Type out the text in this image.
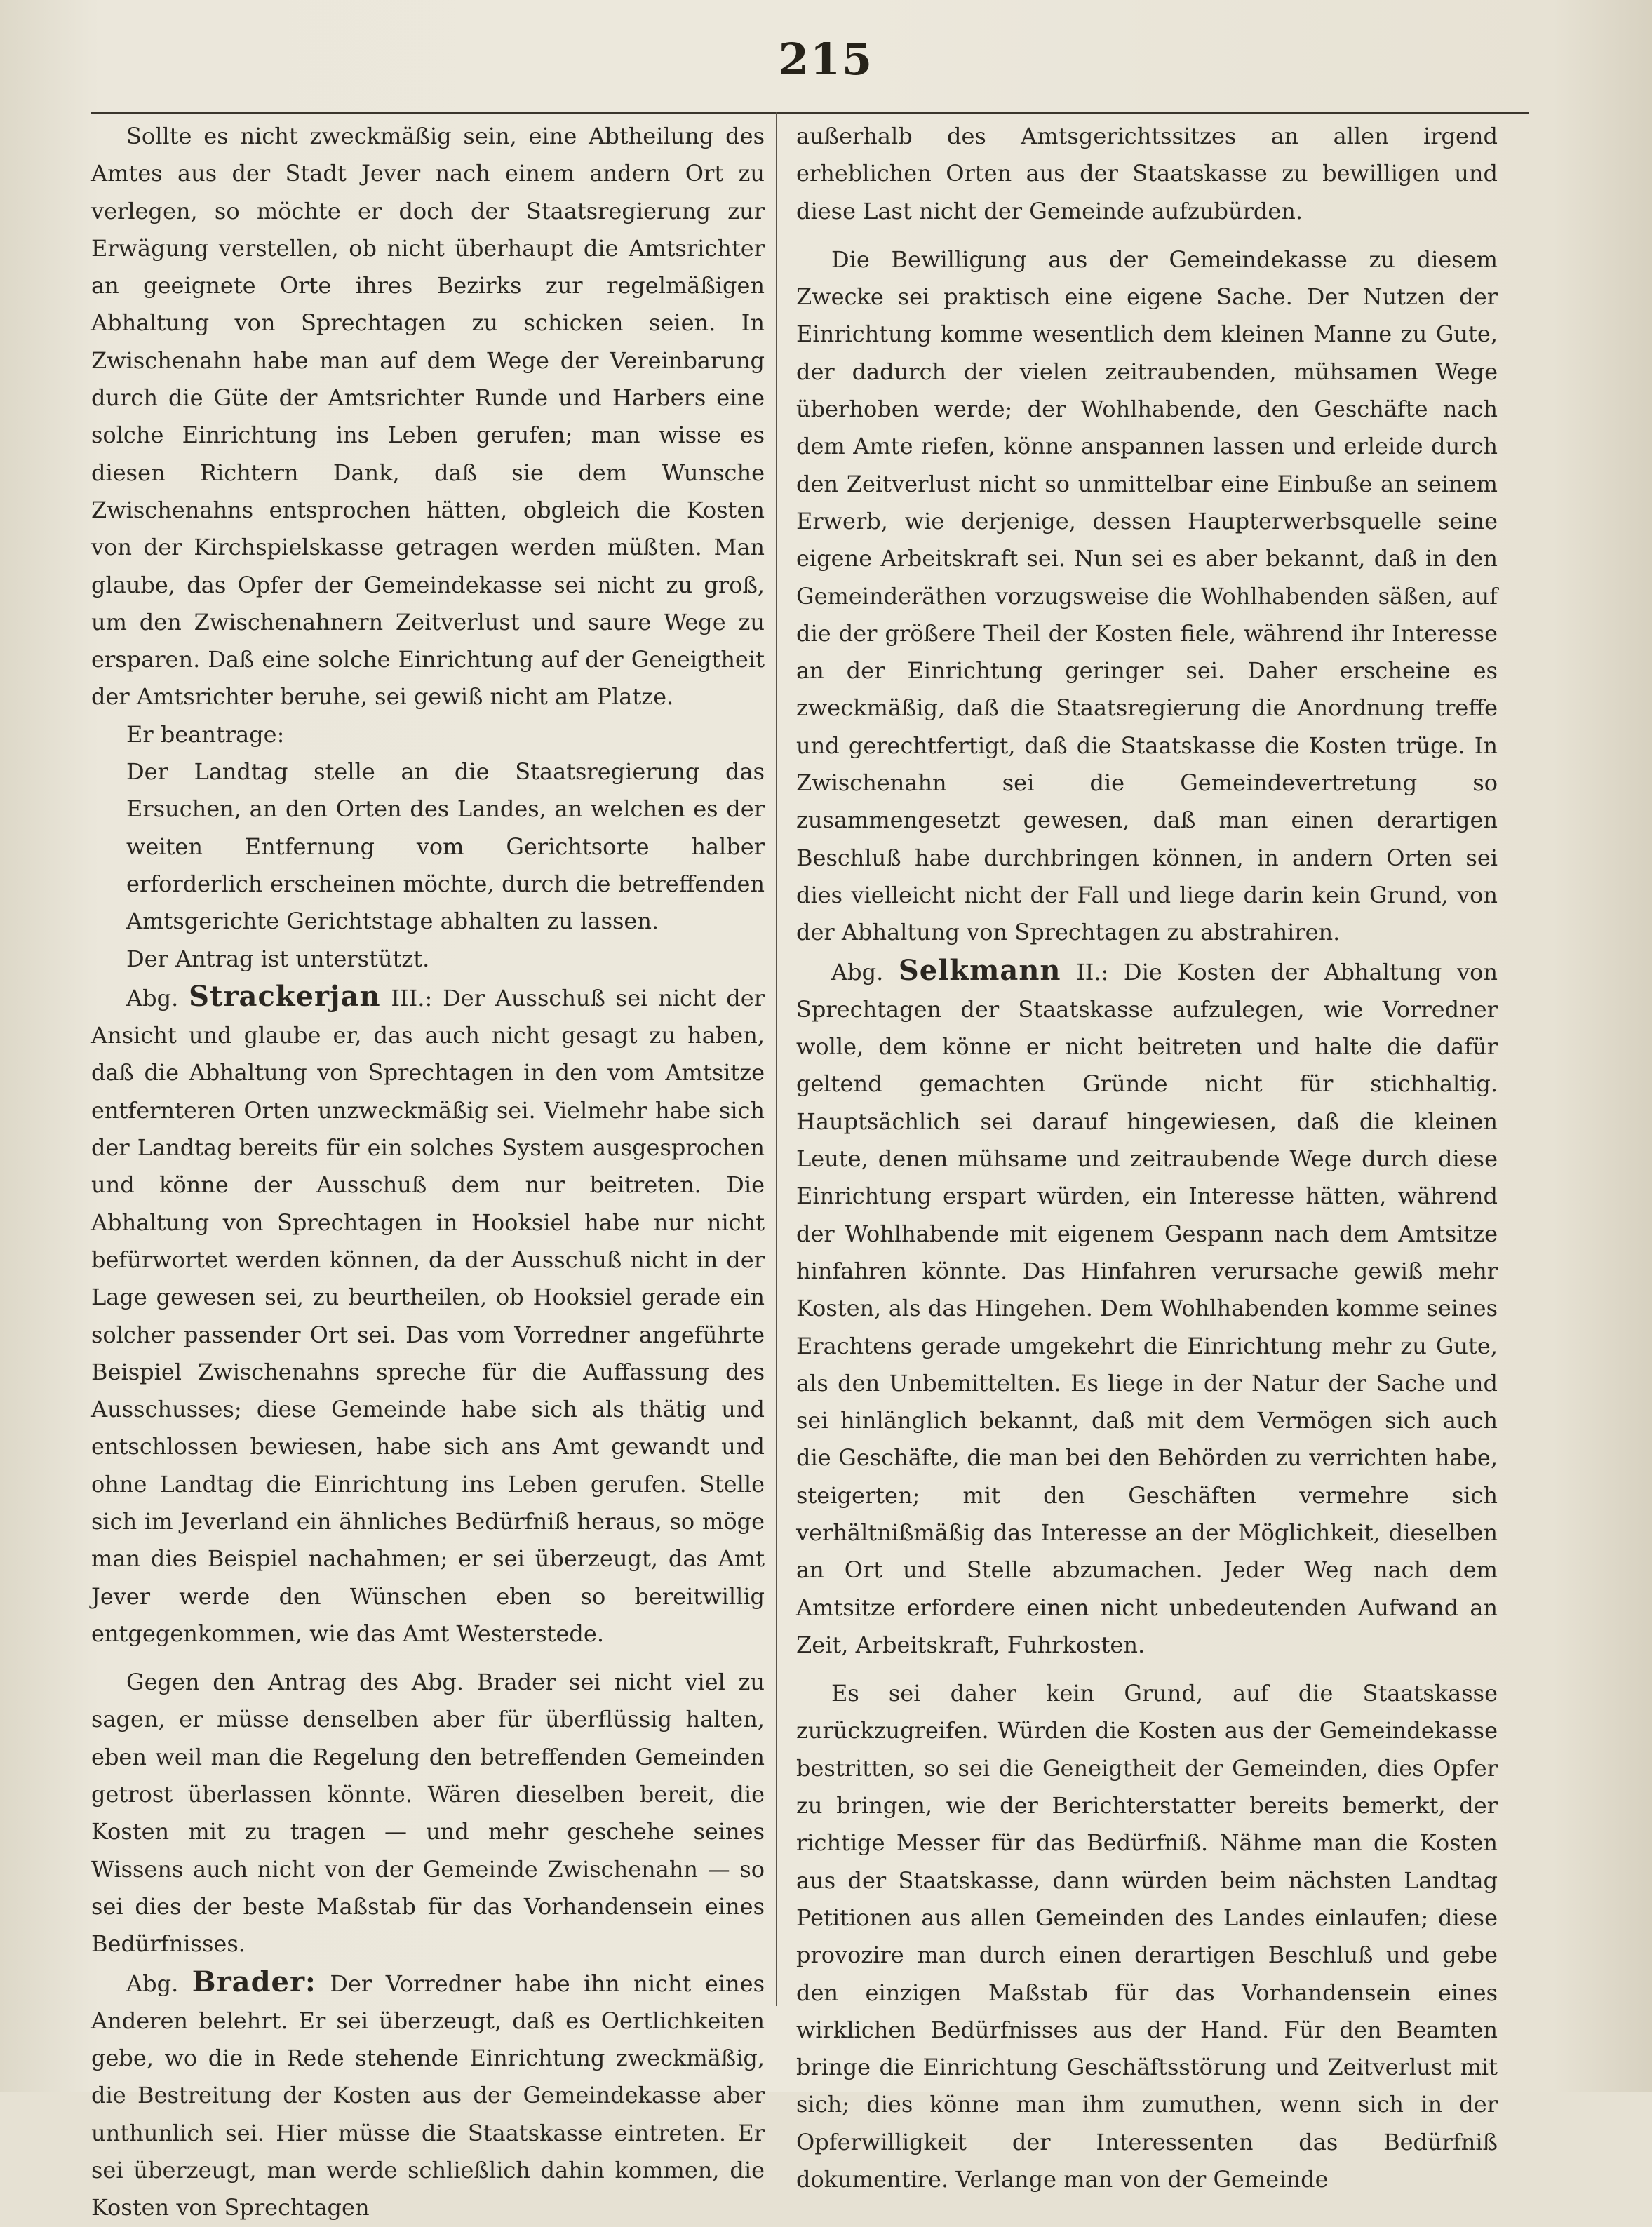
215

Sollte es nicht zweckmäßig sein, eine Abtheilung des Amtes aus der Stadt Jever nach einem andern Ort zu verlegen, so möchte er doch der Staatsregierung zur Erwägung verstellen, ob nicht überhaupt die Amtsrichter an geeignete Orte ihres Bezirks zur regelmäßigen Abhaltung von Sprechtagen zu schicken seien. In Zwischenahn habe man auf dem Wege der Vereinbarung durch die Güte der Amtsrichter Runde und Harbers eine solche Einrichtung ins Leben gerufen; man wisse es diesen Richtern Dank, daß sie dem Wunsche Zwischenahns entsprochen hätten, obgleich die Kosten von der Kirchspielskasse getragen werden müßten. Man glaube, das Opfer der Gemeindekasse sei nicht zu groß, um den Zwischenahnern Zeitverlust und saure Wege zu ersparen. Daß eine solche Einrichtung auf der Geneigtheit der Amtsrichter beruhe, sei gewiß nicht am Platze.

Er beantrage:

Der Landtag stelle an die Staatsregierung das Ersuchen, an den Orten des Landes, an welchen es der weiten Entfernung vom Gerichtsorte halber erforderlich erscheinen möchte, durch die betreffenden Amtsgerichte Gerichtstage abhalten zu lassen.

Der Antrag ist unterstützt.

Abg. Strackerjan III.: Der Ausschuß sei nicht der Ansicht und glaube er, das auch nicht gesagt zu haben, daß die Abhaltung von Sprechtagen in den vom Amtsitze entfernteren Orten unzweckmäßig sei. Vielmehr habe sich der Landtag bereits für ein solches System ausgesprochen und könne der Ausschuß dem nur beitreten. Die Abhaltung von Sprechtagen in Hooksiel habe nur nicht befürwortet werden können, da der Ausschuß nicht in der Lage gewesen sei, zu beurtheilen, ob Hooksiel gerade ein solcher passender Ort sei. Das vom Vorredner angeführte Beispiel Zwischenahns spreche für die Auffassung des Ausschusses; diese Gemeinde habe sich als thätig und entschlossen bewiesen, habe sich ans Amt gewandt und ohne Landtag die Einrichtung ins Leben gerufen. Stelle sich im Jeverland ein ähnliches Bedürfniß heraus, so möge man dies Beispiel nachahmen; er sei überzeugt, das Amt Jever werde den Wünschen eben so bereitwillig entgegenkommen, wie das Amt Westerstede.

Gegen den Antrag des Abg. Brader sei nicht viel zu sagen, er müsse denselben aber für überflüssig halten, eben weil man die Regelung den betreffenden Gemeinden getrost überlassen könnte. Wären dieselben bereit, die Kosten mit zu tragen — und mehr geschehe seines Wissens auch nicht von der Gemeinde Zwischenahn — so sei dies der beste Maßstab für das Vorhandensein eines Bedürfnisses.

Abg. Brader: Der Vorredner habe ihn nicht eines Anderen belehrt. Er sei überzeugt, daß es Oertlichkeiten gebe, wo die in Rede stehende Einrichtung zweckmäßig, die Bestreitung der Kosten aus der Gemeindekasse aber unthunlich sei. Hier müsse die Staatskasse eintreten. Er sei überzeugt, man werde schließlich dahin kommen, die Kosten von Sprechtagen

außerhalb des Amtsgerichtssitzes an allen irgend erheblichen Orten aus der Staatskasse zu bewilligen und diese Last nicht der Gemeinde aufzubürden.

Die Bewilligung aus der Gemeindekasse zu diesem Zwecke sei praktisch eine eigene Sache. Der Nutzen der Einrichtung komme wesentlich dem kleinen Manne zu Gute, der dadurch der vielen zeitraubenden, mühsamen Wege überhoben werde; der Wohlhabende, den Geschäfte nach dem Amte riefen, könne anspannen lassen und erleide durch den Zeitverlust nicht so unmittelbar eine Einbuße an seinem Erwerb, wie derjenige, dessen Haupterwerbsquelle seine eigene Arbeitskraft sei. Nun sei es aber bekannt, daß in den Gemeinderäthen vorzugsweise die Wohlhabenden säßen, auf die der größere Theil der Kosten fiele, während ihr Interesse an der Einrichtung geringer sei. Daher erscheine es zweckmäßig, daß die Staatsregierung die Anordnung treffe und gerechtfertigt, daß die Staatskasse die Kosten trüge. In Zwischenahn sei die Gemeindevertretung so zusammengesetzt gewesen, daß man einen derartigen Beschluß habe durchbringen können, in andern Orten sei dies vielleicht nicht der Fall und liege darin kein Grund, von der Abhaltung von Sprechtagen zu abstrahiren.

Abg. Selkmann II.: Die Kosten der Abhaltung von Sprechtagen der Staatskasse aufzulegen, wie Vorredner wolle, dem könne er nicht beitreten und halte die dafür geltend gemachten Gründe nicht für stichhaltig. Hauptsächlich sei darauf hingewiesen, daß die kleinen Leute, denen mühsame und zeitraubende Wege durch diese Einrichtung erspart würden, ein Interesse hätten, während der Wohlhabende mit eigenem Gespann nach dem Amtsitze hinfahren könnte. Das Hinfahren verursache gewiß mehr Kosten, als das Hingehen. Dem Wohlhabenden komme seines Erachtens gerade umgekehrt die Einrichtung mehr zu Gute, als den Unbemittelten. Es liege in der Natur der Sache und sei hinlänglich bekannt, daß mit dem Vermögen sich auch die Geschäfte, die man bei den Behörden zu verrichten habe, steigerten; mit den Geschäften vermehre sich verhältnißmäßig das Interesse an der Möglichkeit, dieselben an Ort und Stelle abzumachen. Jeder Weg nach dem Amtsitze erfordere einen nicht unbedeutenden Aufwand an Zeit, Arbeitskraft, Fuhrkosten.

Es sei daher kein Grund, auf die Staatskasse zurückzugreifen. Würden die Kosten aus der Gemeindekasse bestritten, so sei die Geneigtheit der Gemeinden, dies Opfer zu bringen, wie der Berichterstatter bereits bemerkt, der richtige Messer für das Bedürfniß. Nähme man die Kosten aus der Staatskasse, dann würden beim nächsten Landtag Petitionen aus allen Gemeinden des Landes einlaufen; diese provozire man durch einen derartigen Beschluß und gebe den einzigen Maßstab für das Vorhandensein eines wirklichen Bedürfnisses aus der Hand. Für den Beamten bringe die Einrichtung Geschäftsstörung und Zeitverlust mit sich; dies könne man ihm zumuthen, wenn sich in der Opferwilligkeit der Interessenten das Bedürfniß dokumentire. Verlange man von der Gemeinde
